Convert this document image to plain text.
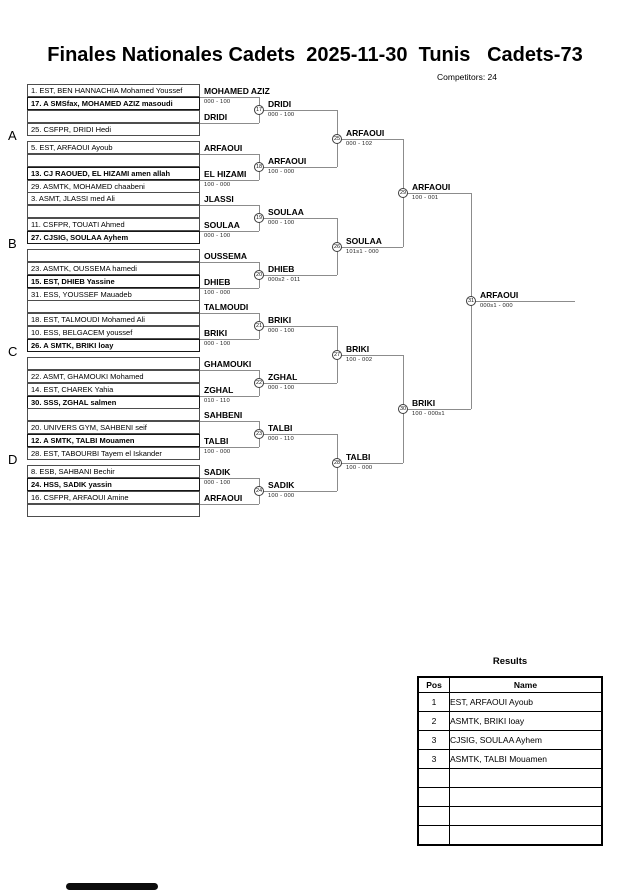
Finales Nationales Cadets  2025-11-30  Tunis   Cadets-73
Competitors: 24
A
1. EST, BEN HANNACHIA Mohamed Youssef
17. A SMSfax, MOHAMED AZIZ masoudi
MOHAMED AZIZ
000 - 100
25. CSFPR, DRIDI Hedi
DRIDI
5. EST, ARFAOUI Ayoub	ARFAOUI
13. CJ RAOUED, EL HIZAMI amen allah
29. ASMTK, MOHAMED chaabeni
EL HIZAMI
100 - 000
B
3. ASMT, JLASSI med Ali	JLASSI
11. CSFPR, TOUATI Ahmed
27. CJSIG, SOULAA Ayhem
SOULAA
000 - 100
23. ASMTK, OUSSEMA hamedi
OUSSEMA
15. EST, DHIEB Yassine
31. ESS, YOUSSEF Mauadeb
DHIEB
100 - 000
C
18. EST, TALMOUDI Mohamed Ali
TALMOUDI
10. ESS, BELGACEM youssef
26. A SMTK, BRIKI loay
BRIKI
000 - 100
22. ASMT, GHAMOUKI Mohamed
GHAMOUKI
14. EST, CHAREK Yahia
30. SSS, ZGHAL salmen
ZGHAL
010 - 110
D
20. UNIVERS GYM, SAHBENI seif
SAHBENI
12. A SMTK, TALBI Mouamen
28. EST, TABOURBI Tayem el Iskander
TALBI
100 - 000
8. ESB, SAHBANI Bechir
24. HSS, SADIK yassin
SADIK
000 - 100
16. CSFPR, ARFAOUI Amine	ARFAOUI
17
DRIDI
000 - 100
18
ARFAOUI
100 - 000
19
SOULAA
000 - 100
20
DHIEB
000s2 - 011
21
BRIKI
000 - 100
22
ZGHAL
000 - 100
23
TALBI
000 - 110
24
SADIK
100 - 000
25
ARFAOUI
000 - 102
26
SOULAA
101s1 - 000
27
BRIKI
100 - 002
28
TALBI
100 - 000
29
ARFAOUI
100 - 001
30
BRIKI
100 - 000s1
31
ARFAOUI
000s1 - 000
Results
Pos	Name
1	EST, ARFAOUI Ayoub
2	ASMTK, BRIKI loay
3	CJSIG, SOULAA Ayhem
3	ASMTK, TALBI Mouamen
